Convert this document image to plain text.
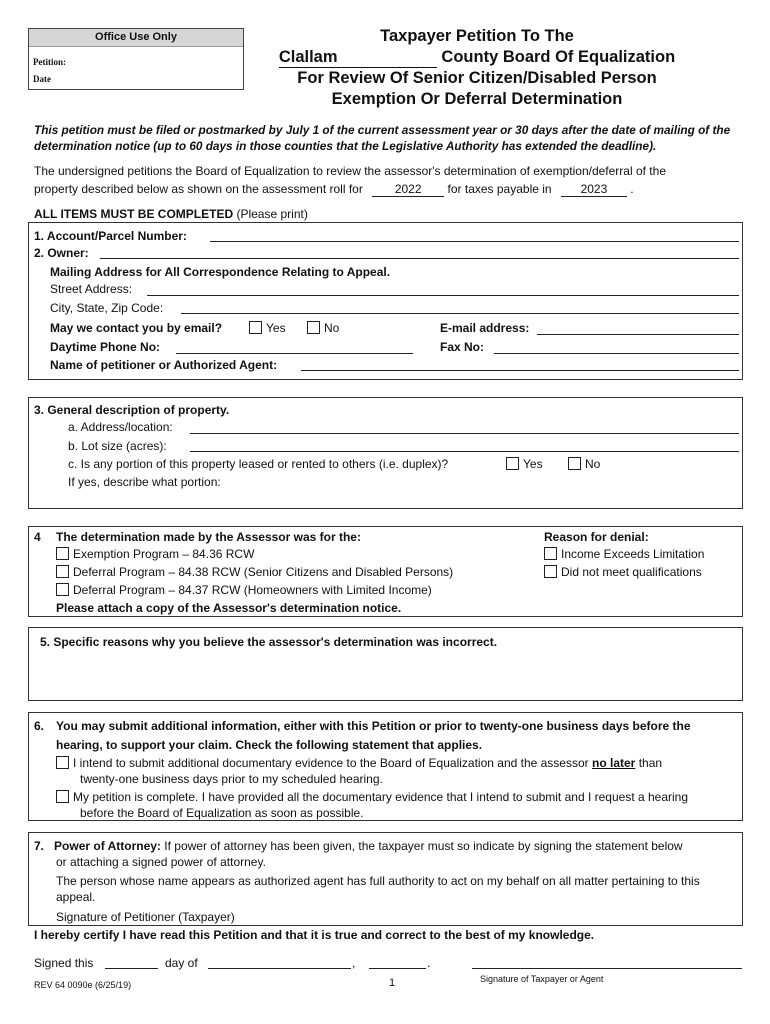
Office Use Only
Petition:
Date
Taxpayer Petition To The
Clallam	County Board Of Equalization
For Review Of Senior Citizen/Disabled Person
Exemption Or Deferral Determination
This petition must be filed or postmarked by July 1 of the current assessment year or 30 days after the date of mailing of the determination notice (up to 60 days in those counties that the Legislative Authority has extended the deadline).
The undersigned petitions the Board of Equalization to review the assessor's determination of exemption/deferral of the
property described below as shown on the assessment roll for	2022 for taxes payable in 2023 .
ALL ITEMS MUST BE COMPLETED (Please print)
1. Account/Parcel Number:
2. Owner:
Mailing Address for All Correspondence Relating to Appeal.
Street Address:
City, State, Zip Code:
May we contact you by email?	Yes	No	E-mail address:
Daytime Phone No:	Fax No:
Name of petitioner or Authorized Agent:
3. General description of property.
a. Address/location:
b. Lot size (acres):
c. Is any portion of this property leased or rented to others (i.e. duplex)?	Yes	No
If yes, describe what portion:
4 The determination made by the Assessor was for the:
Exemption Program – 84.36 RCW
Deferral Program – 84.38 RCW (Senior Citizens and Disabled Persons)
Deferral Program – 84.37 RCW (Homeowners with Limited Income)
Please attach a copy of the Assessor's determination notice.
Reason for denial:
Income Exceeds Limitation
Did not meet qualifications
5. Specific reasons why you believe the assessor's determination was incorrect.
6. You may submit additional information, either with this Petition or prior to twenty-one business days before the
hearing, to support your claim. Check the following statement that applies.
I intend to submit additional documentary evidence to the Board of Equalization and the assessor no later than
twenty-one business days prior to my scheduled hearing.
My petition is complete. I have provided all the documentary evidence that I intend to submit and I request a hearing
before the Board of Equalization as soon as possible.
7. Power of Attorney: If power of attorney has been given, the taxpayer must so indicate by signing the statement below
or attaching a signed power of attorney.
The person whose name appears as authorized agent has full authority to act on my behalf on all matter pertaining to this
appeal.
Signature of Petitioner (Taxpayer)
I hereby certify I have read this Petition and that it is true and correct to the best of my knowledge.
Signed this	day of	,	.
Signature of Taxpayer or Agent
REV 64 0090e (6/25/19)	1
